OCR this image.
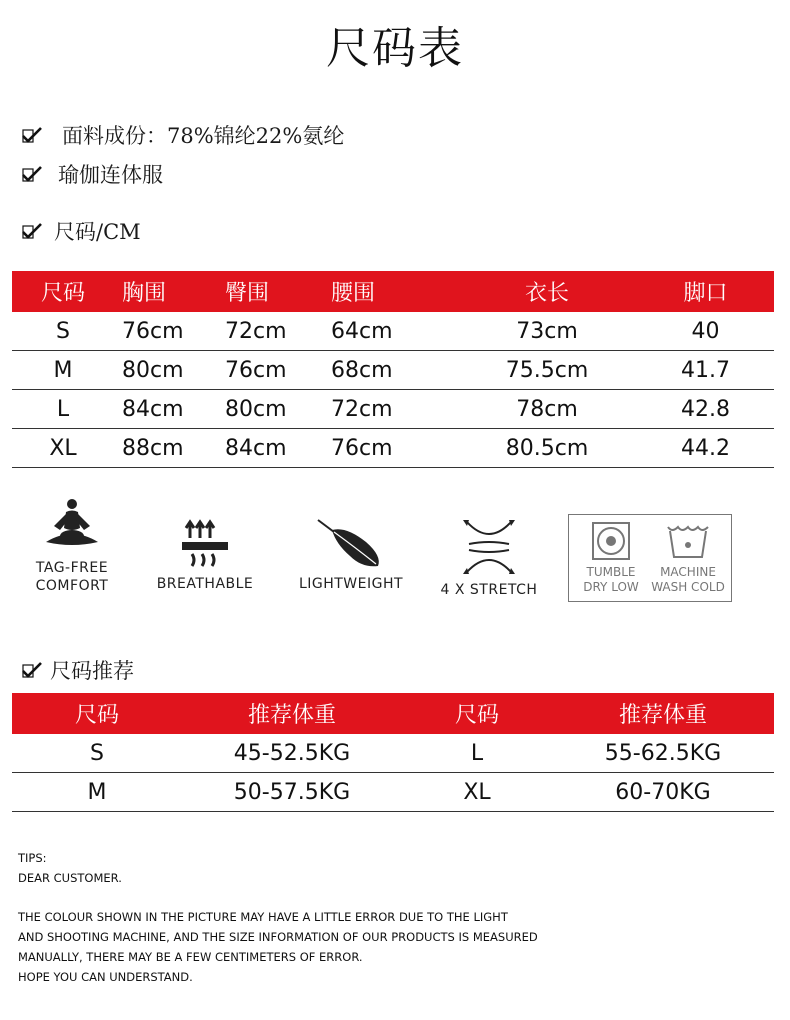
尺码表
面料成份：78%锦纶22%氨纶
瑜伽连体服
尺码/CM
尺码	胸围	臀围	腰围	衣长	脚口
S	76cm	72cm	64cm	73cm	40
M	80cm	76cm	68cm	75.5cm	41.7
L	84cm	80cm	72cm	78cm	42.8
XL	88cm	84cm	76cm	80.5cm	44.2
TAG-FREE
COMFORT	BREATHABLE	LIGHTWEIGHT	4 X STRETCH
TUMBLE
DRY LOW
MACHINE
WASH COLD
尺码推荐
尺码	推荐体重	尺码	推荐体重
S	45-52.5KG	L	55-62.5KG
M	50-57.5KG	XL	60-70KG

TIPS:

DEAR CUSTOMER.

THE COLOUR SHOWN IN THE PICTURE MAY HAVE A LITTLE ERROR DUE TO THE LIGHT

AND SHOOTING MACHINE, AND THE SIZE INFORMATION OF OUR PRODUCTS IS MEASURED

MANUALLY, THERE MAY BE A FEW CENTIMETERS OF ERROR.

HOPE YOU CAN UNDERSTAND.
